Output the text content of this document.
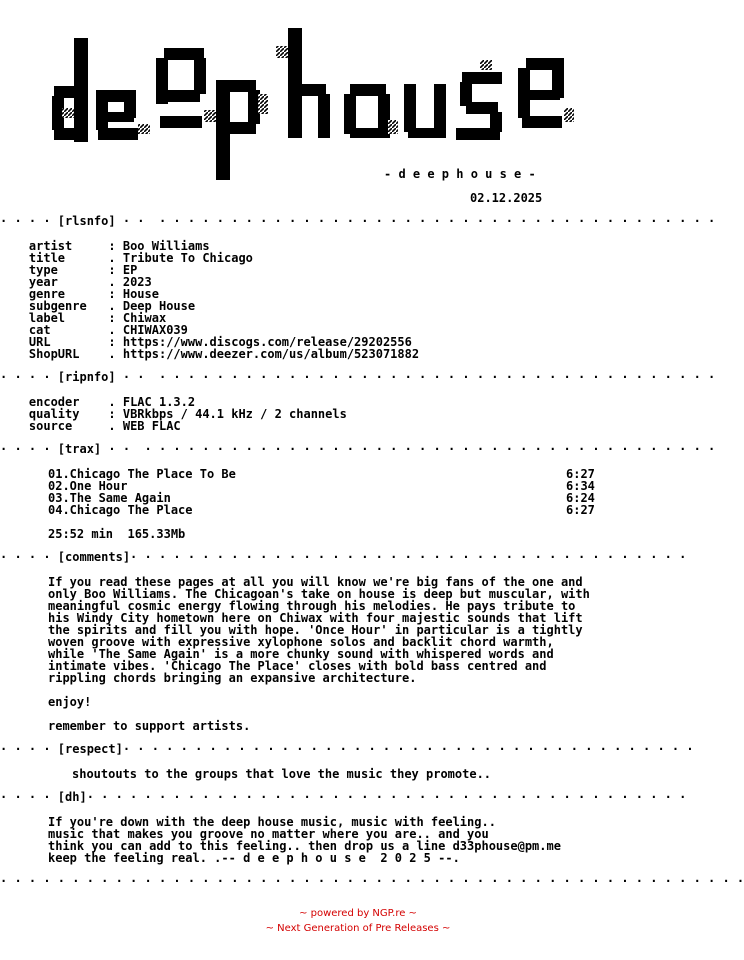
- d e e p h o u s e -
02.12.2025
· · · · [rlsnfo] · ·  · · · · · · · · · · · · · · · · · · · · · · · · · · · · · · · · · · · · · · ·
artist	: Boo Williams
title	. Tribute To Chicago
type	: EP
year	. 2023
genre	: House
subgenre . Deep House
label	: Chiwax
cat	. CHIWAX039
URL	: https://www.discogs.com/release/29202556
ShopURL . https://www.deezer.com/us/album/523071882
· · · · [ripnfo] · ·  · · · · · · · · · · · · · · · · · · · · · · · · · · · · · · · · · · · · · · ·
encoder . FLAC 1.3.2
quality : VBRkbps / 44.1 kHz / 2 channels
source	. WEB FLAC
· · · · [trax] · ·  · · · · · · · · · · · · · · · · · · · · · · · · · · · · · · · · · · · · · · · ·
01.Chicago The Place To Be	6:27
02.One Hour	6:34
03.The Same Again	6:24
04.Chicago The Place	6:27
25:52 min  165.33Mb
· · · · [comments]· · · · · · · · · · · · · · · · · · · · · · · · · · · · · · · · · · · · · · ·
If you read these pages at all you will know we're big fans of the one and
only Boo Williams. The Chicagoan's take on house is deep but muscular, with
meaningful cosmic energy flowing through his melodies. He pays tribute to
his Windy City hometown here on Chiwax with four majestic sounds that lift
the spirits and fill you with hope. 'Once Hour' in particular is a tightly
woven groove with expressive xylophone solos and backlit chord warmth,
while 'The Same Again' is a more chunky sound with whispered words and
intimate vibes. 'Chicago The Place' closes with bold bass centred and
rippling chords bringing an expansive architecture.
enjoy!
remember to support artists.
· · · · [respect]· · · · · · · · · · · · · · · · · · · · · · · · · · · · · · · · · · · · · · · ·
shoutouts to the groups that love the music they promote..
· · · · [dh]· · · · · · · · · · · · · · · · · · · · · · · · · · · · · · · · · · · · · · · · · ·
If you're down with the deep house music, music with feeling..
music that makes you groove no matter where you are.. and you
think you can add to this feeling.. then drop us a line d33phouse@pm.me
keep the feeling real. .-- d e e p h o u s e  2 0 2 5 --.
· · · · · · · · · · · · · · · · · · · · · · · · · · · · · · · · · · · · · · · · · · · · · · · · · · · ·
~ powered by NGP.re ~
~ Next Generation of Pre Releases ~
